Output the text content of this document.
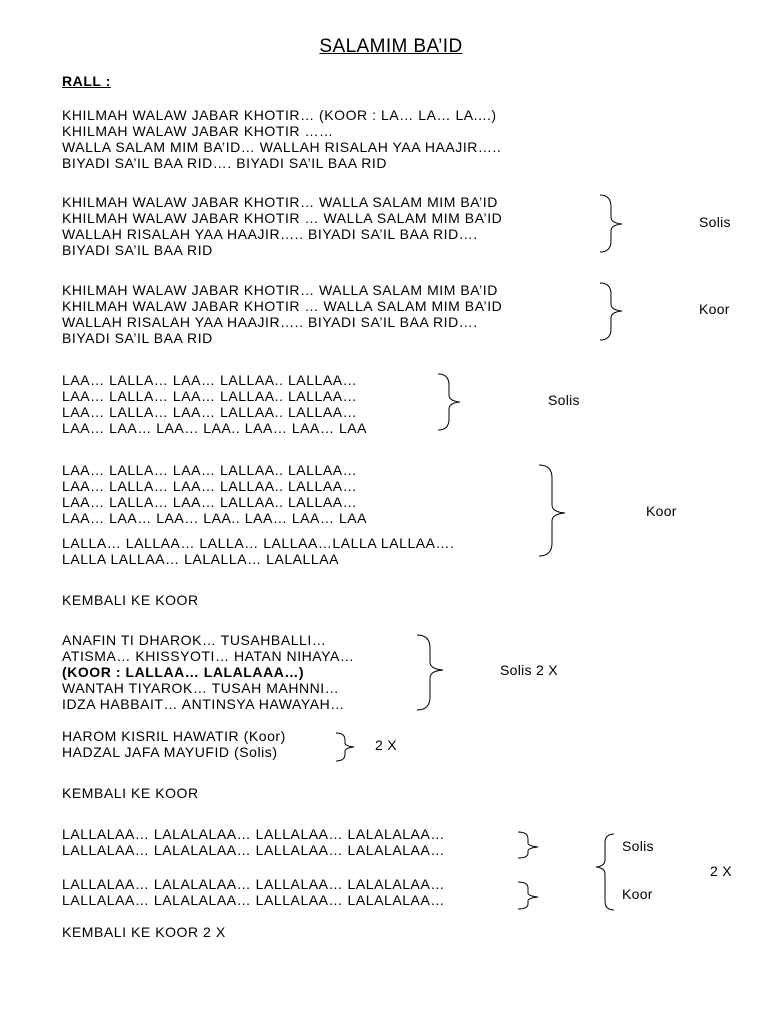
SALAMIM BA’ID
RALL :
KHILMAH WALAW JABAR KHOTIR… (KOOR : LA… LA… LA....)
KHILMAH WALAW JABAR KHOTIR ……
WALLA SALAM MIM BA’ID… WALLAH RISALAH YAA HAAJIR…..
BIYADI SA’IL BAA RID…. BIYADI SA’IL BAA RID
KHILMAH WALAW JABAR KHOTIR… WALLA SALAM MIM BA’ID
KHILMAH WALAW JABAR KHOTIR … WALLA SALAM MIM BA’ID
WALLAH RISALAH YAA HAAJIR….. BIYADI SA’IL BAA RID….
BIYADI SA’IL BAA RID
Solis
KHILMAH WALAW JABAR KHOTIR… WALLA SALAM MIM BA’ID
KHILMAH WALAW JABAR KHOTIR … WALLA SALAM MIM BA’ID
WALLAH RISALAH YAA HAAJIR….. BIYADI SA’IL BAA RID….
BIYADI SA’IL BAA RID
Koor
LAA… LALLA… LAA… LALLAA.. LALLAA…
LAA… LALLA… LAA… LALLAA.. LALLAA…
LAA… LALLA… LAA… LALLAA.. LALLAA…
LAA… LAA… LAA… LAA.. LAA… LAA… LAA
Solis
LAA… LALLA… LAA… LALLAA.. LALLAA…
LAA… LALLA… LAA… LALLAA.. LALLAA…
LAA… LALLA… LAA… LALLAA.. LALLAA…
LAA… LAA… LAA… LAA.. LAA… LAA… LAA
LALLA… LALLAA… LALLA… LALLAA…LALLA LALLAA….
LALLA LALLAA… LALALLA… LALALLAA
Koor
KEMBALI KE KOOR
ANAFIN TI DHAROK… TUSAHBALLI…
ATISMA… KHISSYOTI… HATAN NIHAYA…
(KOOR : LALLAA… LALALAAA…)
WANTAH TIYAROK… TUSAH MAHNNI…
IDZA HABBAIT… ANTINSYA HAWAYAH…
Solis 2 X
HAROM KISRIL HAWATIR (Koor)
HADZAL JAFA MAYUFID (Solis)	2 X
KEMBALI KE KOOR
LALLALAA… LALALALAA… LALLALAA… LALALALAA…
LALLALAA… LALALALAA… LALLALAA… LALALALAA…
LALLALAA… LALALALAA… LALLALAA… LALALALAA…
LALLALAA… LALALALAA… LALLALAA… LALALALAA…
Solis
Koor
2 X
KEMBALI KE KOOR 2 X
